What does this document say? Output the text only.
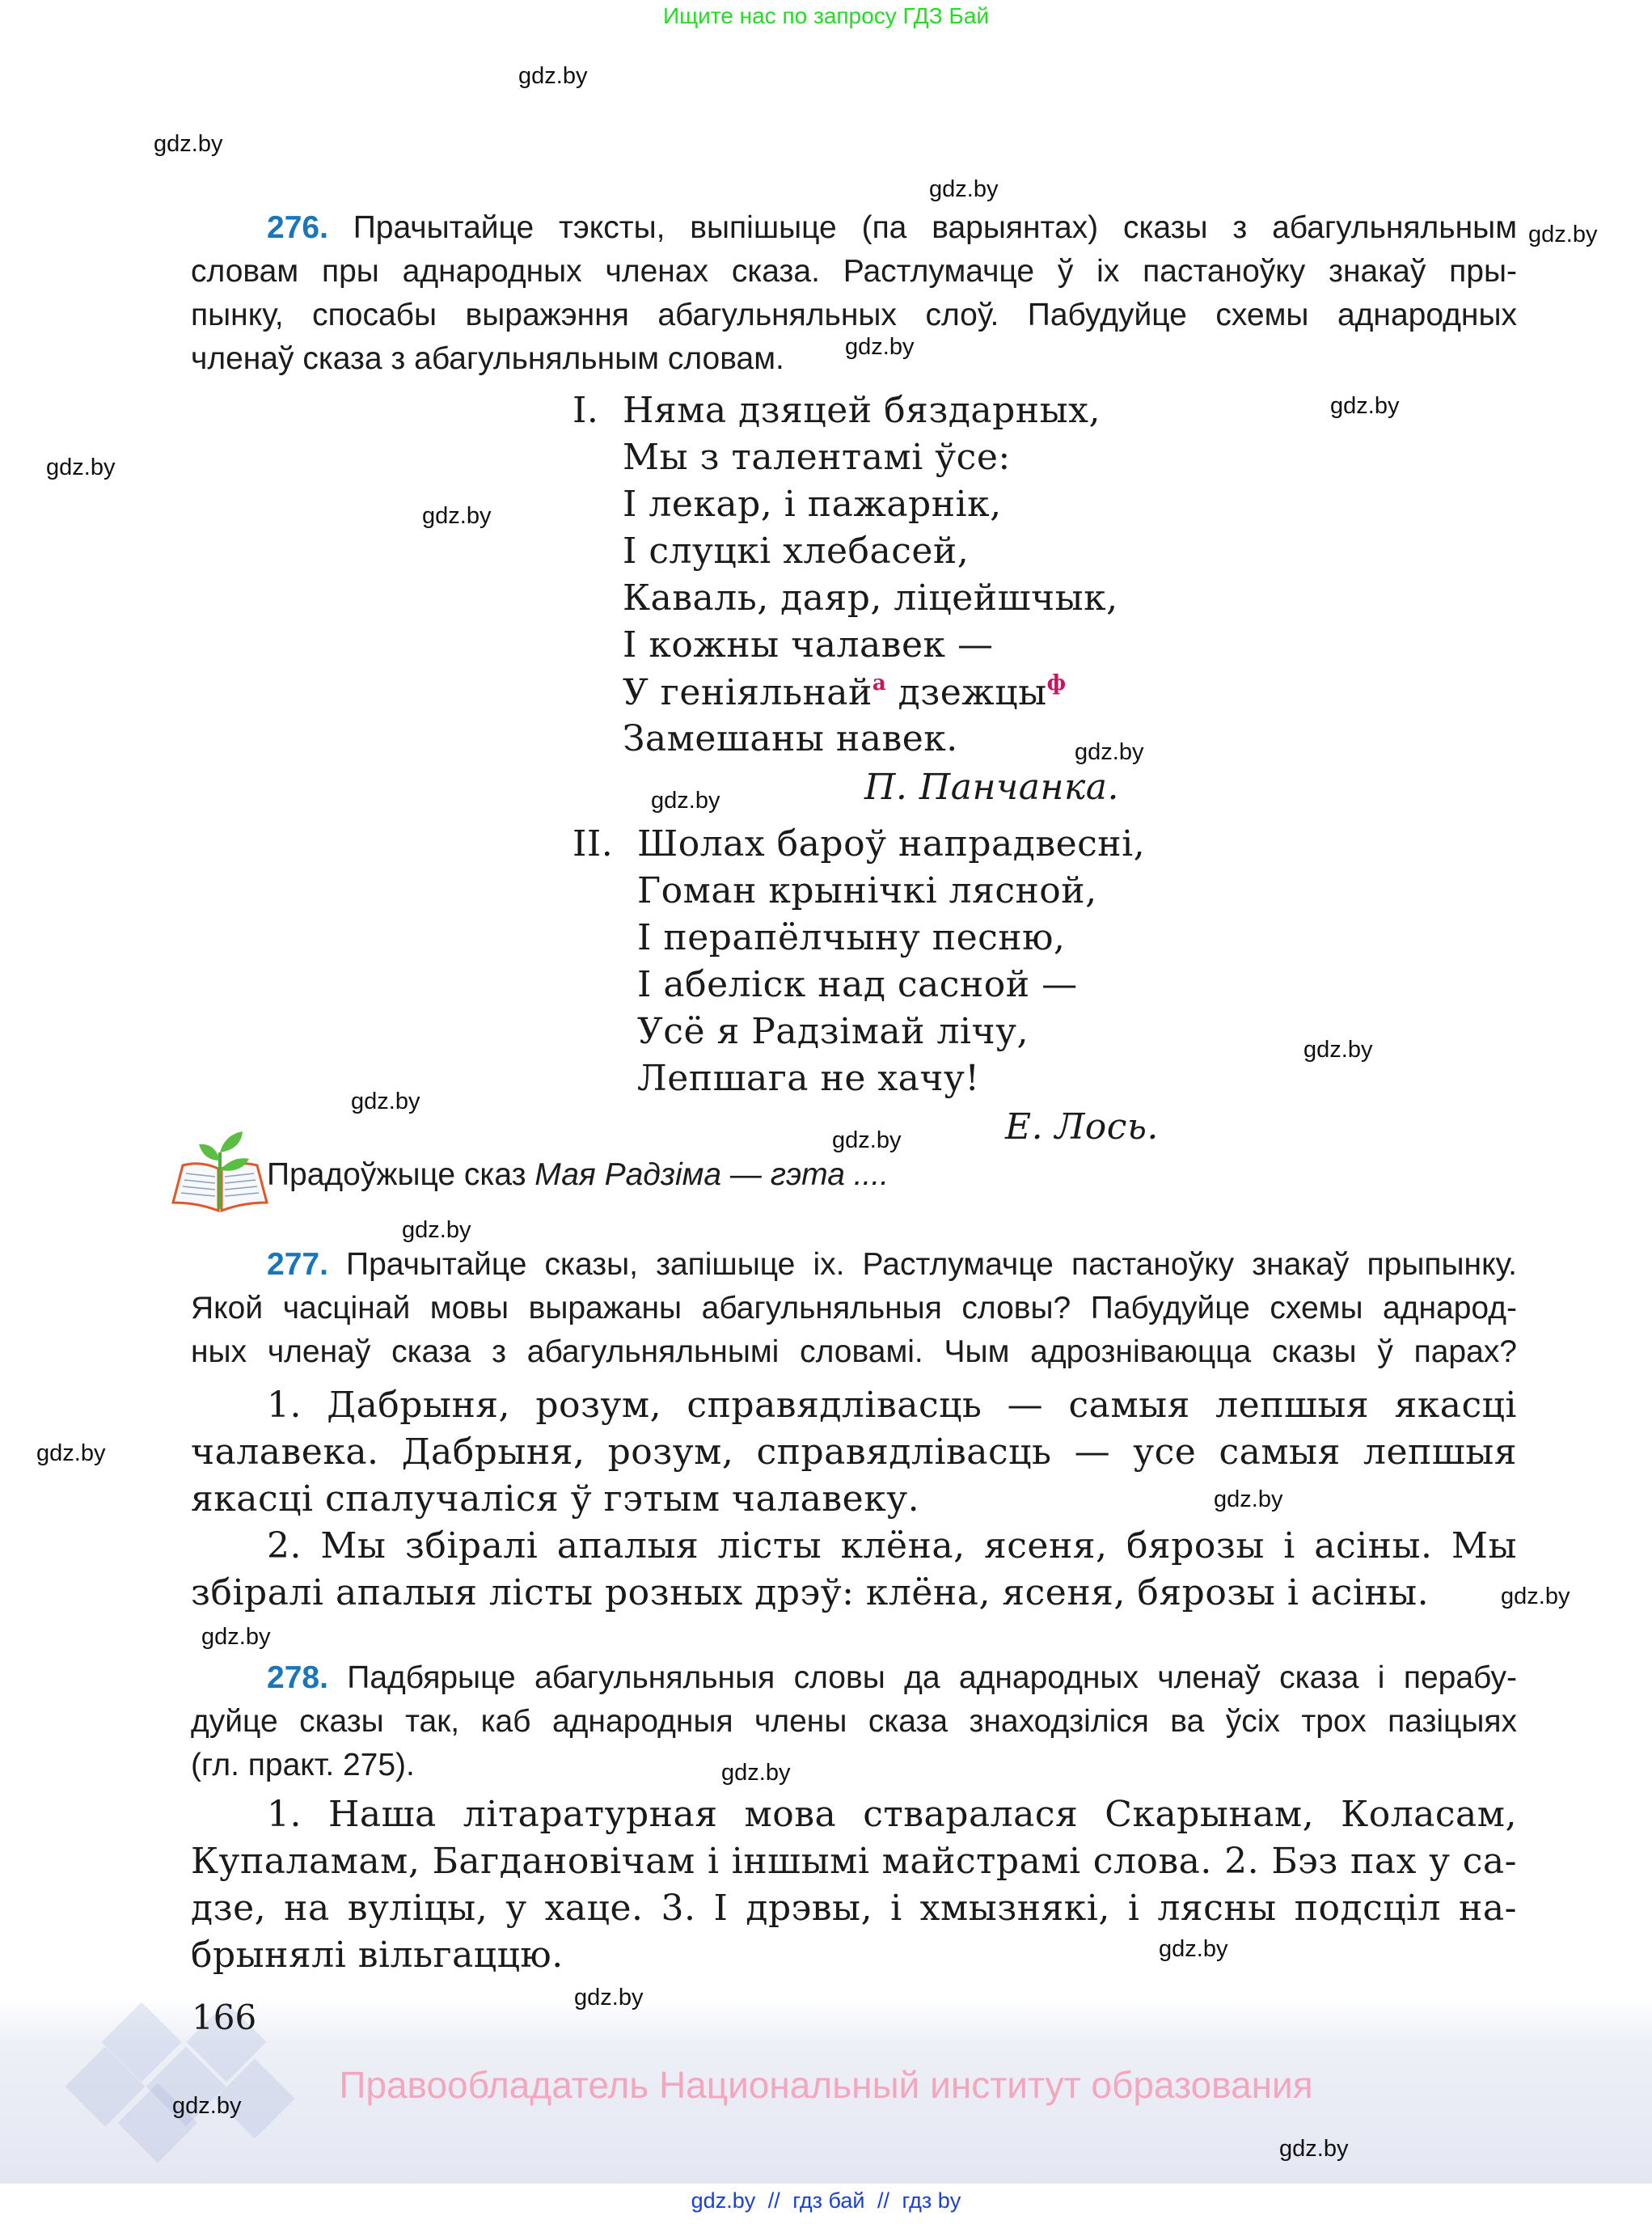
Ищите нас по запросу ГДЗ Бай
gdz.by
gdz.by
gdz.by
gdz.by
gdz.by
gdz.by
gdz.by
gdz.by
gdz.by
gdz.by
gdz.by
gdz.by
gdz.by
gdz.by
gdz.by
gdz.by
gdz.by
gdz.by
gdz.by
gdz.by
276. Прачытайце тэксты, выпішыце (па варыянтах) сказы з абагульняльным
словам пры аднародных членах сказа. Растлумачце ў іх пастаноўку знакаў пры-
пынку, спосабы выражэння абагульняльных слоў. Пабудуйце схемы аднародных
членаў сказа з абагульняльным словам.
I. Няма дзяцей бяздарных,
Мы з талентамі ўсе:
І лекар, і пажарнік,
І слуцкі хлебасей,
Каваль, даяр, ліцейшчык,
І кожны чалавек —
У геніяльнай$^а$ дзежцы$^ф$
Замешаны навек.
П. Панчанка.
II. Шолах бароў напрадвесні,
Гоман крынічкі лясной,
І перапёлчыну песню,
І абеліск над сасной —
Усё я Радзімай лічу,
Лепшага не хачу!
Е. Лось.
Прадоўжыце сказ Мая Радзіма — гэта ....
277. Прачытайце сказы, запішыце іх. Растлумачце пастаноўку знакаў прыпынку.
Якой часцінай мовы выражаны абагульняльныя словы? Пабудуйце схемы аднарод-
ных членаў сказа з абагульняльнымі словамі. Чым адрозніваюцца сказы ў парах?
1. Дабрыня, розум, справядлівасць — самыя лепшыя якасці
чалавека. Дабрыня, розум, справядлівасць — усе самыя лепшыя
якасці спалучаліся ў гэтым чалавеку.
2. Мы збіралі апалыя лісты клёна, ясеня, бярозы і асіны. Мы
збіралі апалыя лісты розных дрэў: клёна, ясеня, бярозы і асіны.
278. Падбярыце абагульняльныя словы да аднародных членаў сказа і перабу-
дуйце сказы так, каб аднародныя члены сказа знаходзіліся ва ўсіх трох пазіцыях
(гл. практ. 275).
1. Наша літаратурная мова стваралася Скарынам, Коласам,
Купаламам, Багдановічам і іншымі майстрамі слова. 2. Бэз пах у са-
дзе, на вуліцы, у хаце. 3. І дрэвы, і хмызнякі, і лясны подсціл на-
брынялі вільгаццю.
166	gdz.by
Правообладатель Национальный институт образования
gdz.by
gdz.by
gdz.by // гдз бай // гдз by
